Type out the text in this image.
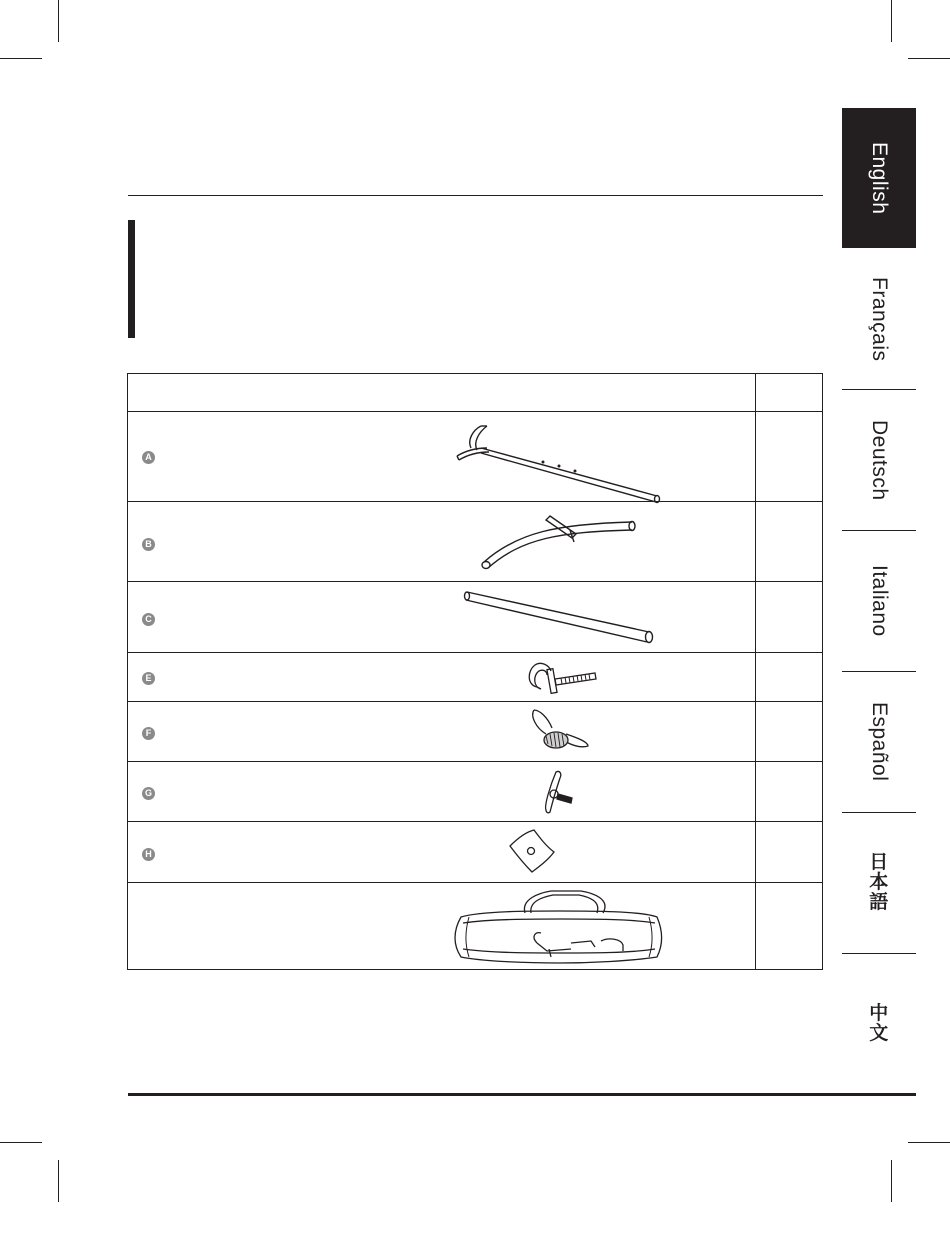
English
Français
Deutsch
Italiano
Español
日本語
中文
A
B
C
E
F
G
H
